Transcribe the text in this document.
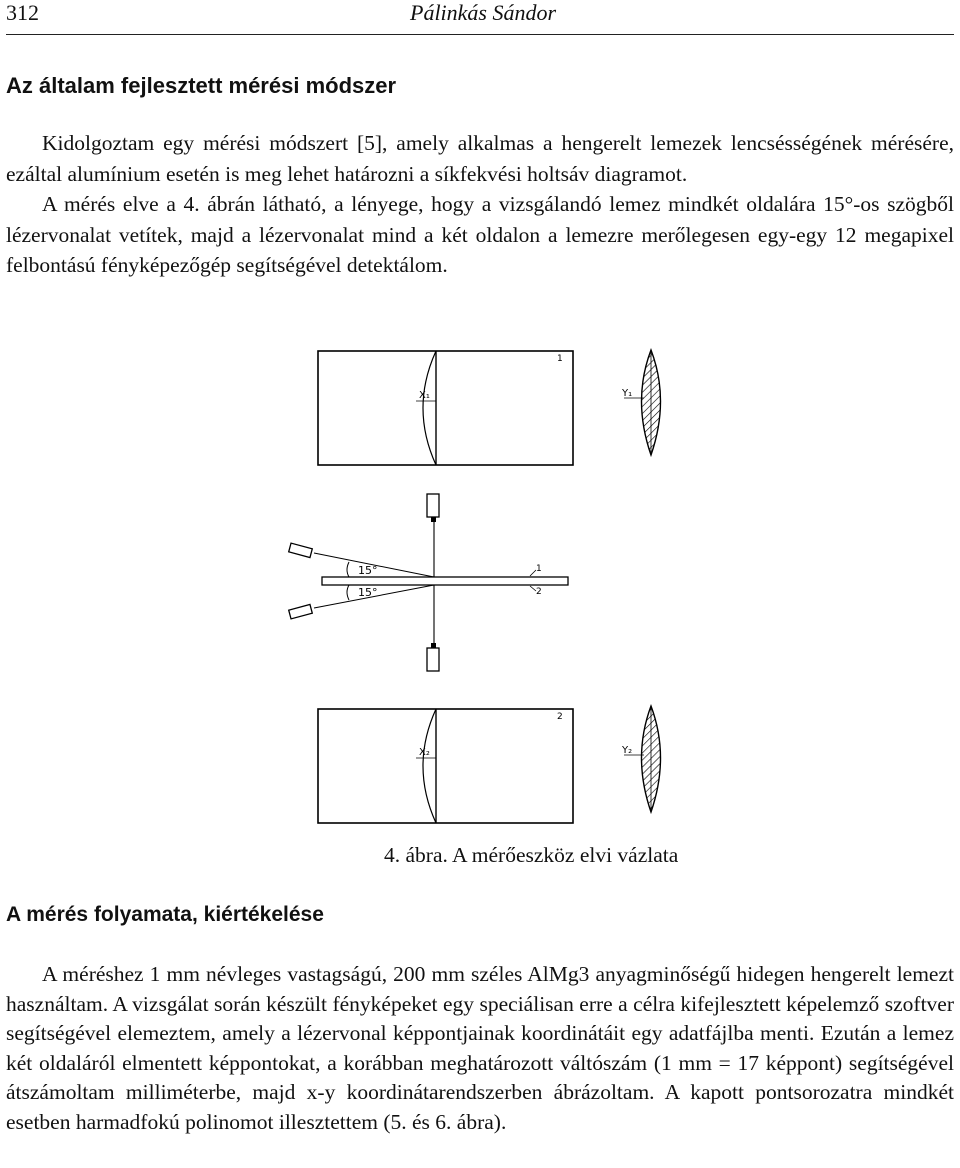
312	Pálinkás Sándor
Az általam fejlesztett mérési módszer

Kidolgoztam egy mérési módszert [5], amely alkalmas a hengerelt lemezek lencsésségének mérésére, ezáltal alumínium esetén is meg lehet határozni a síkfekvési holtsáv diagramot.

A mérés elve a 4. ábrán látható, a lényege, hogy a vizsgálandó lemez mindkét oldalára 15°-os szögből lézervonalat vetítek, majd a lézervonalat mind a két oldalon a lemezre merőlegesen egy-egy 12 megapixel felbontású fényképezőgép segítségével detektálom.

X₁
1
Y₁
15°
15°
1
2
X₂
2
Y₂
4. ábra. A mérőeszköz elvi vázlata
A mérés folyamata, kiértékelése

A méréshez 1 mm névleges vastagságú, 200 mm széles AlMg3 anyagminőségű hidegen hengerelt lemezt használtam. A vizsgálat során készült fényképeket egy speciálisan erre a célra kifejlesztett képelemző szoftver segítségével elemeztem, amely a lézervonal képpontjainak koordinátáit egy adatfájlba menti. Ezután a lemez két oldaláról elmentett képpontokat, a korábban meghatározott váltószám (1 mm = 17 képpont) segítségével átszámoltam milliméterbe, majd x-y koordinátarendszerben ábrázoltam. A kapott pontsorozatra mindkét esetben harmadfokú polinomot illesztettem (5. és 6. ábra).
